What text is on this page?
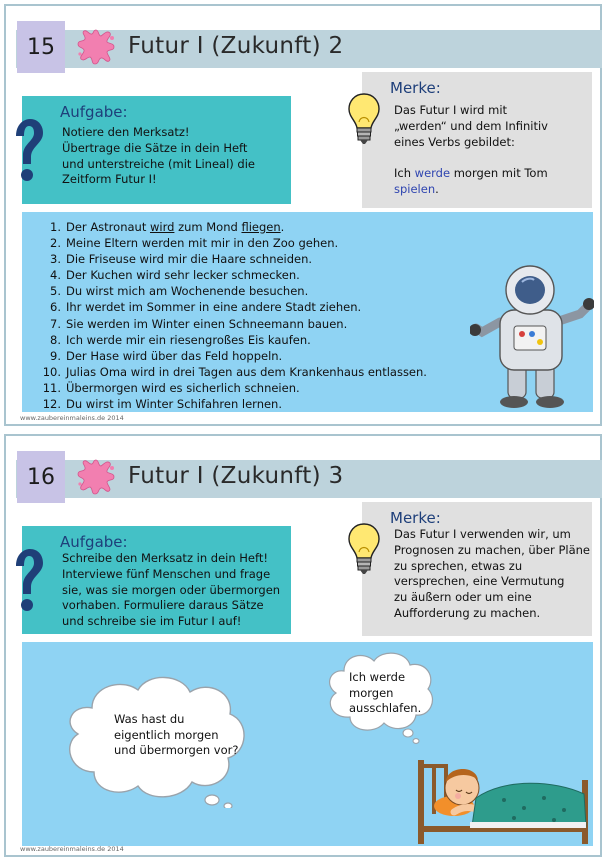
15	Futur I (Zukunft) 2
Aufgabe:
Notiere den Merksatz!
Übertrage die Sätze in dein Heft
und unterstreiche (mit Lineal) die
Zeitform Futur I!
Merke:
Das Futur I wird mit
„werden“ und dem Infinitiv
eines Verbs gebildet:
Ich werde morgen mit Tom
spielen.
1. Der Astronaut wird zum Mond fliegen.
2. Meine Eltern werden mit mir in den Zoo gehen.
3. Die Friseuse wird mir die Haare schneiden.
4. Der Kuchen wird sehr lecker schmecken.
5. Du wirst mich am Wochenende besuchen.
6. Ihr werdet im Sommer in eine andere Stadt ziehen.
7. Sie werden im Winter einen Schneemann bauen.
8. Ich werde mir ein riesengroßes Eis kaufen.
9. Der Hase wird über das Feld hoppeln.
10. Julias Oma wird in drei Tagen aus dem Krankenhaus entlassen.
11. Übermorgen wird es sicherlich schneien.
12. Du wirst im Winter Schifahren lernen.
www.zaubereinmaleins.de 2014
16	Futur I (Zukunft) 3
Aufgabe:
Schreibe den Merksatz in dein Heft!
Interviewe fünf Menschen und frage
sie, was sie morgen oder übermorgen
vorhaben. Formuliere daraus Sätze
und schreibe sie im Futur I auf!
Merke:
Das Futur I verwenden wir, um
Prognosen zu machen, über Pläne
zu sprechen, etwas zu
versprechen, eine Vermutung
zu äußern oder um eine
Aufforderung zu machen.
Was hast du
eigentlich morgen
und übermorgen vor?
Ich werde
morgen
ausschlafen.
www.zaubereinmaleins.de 2014
